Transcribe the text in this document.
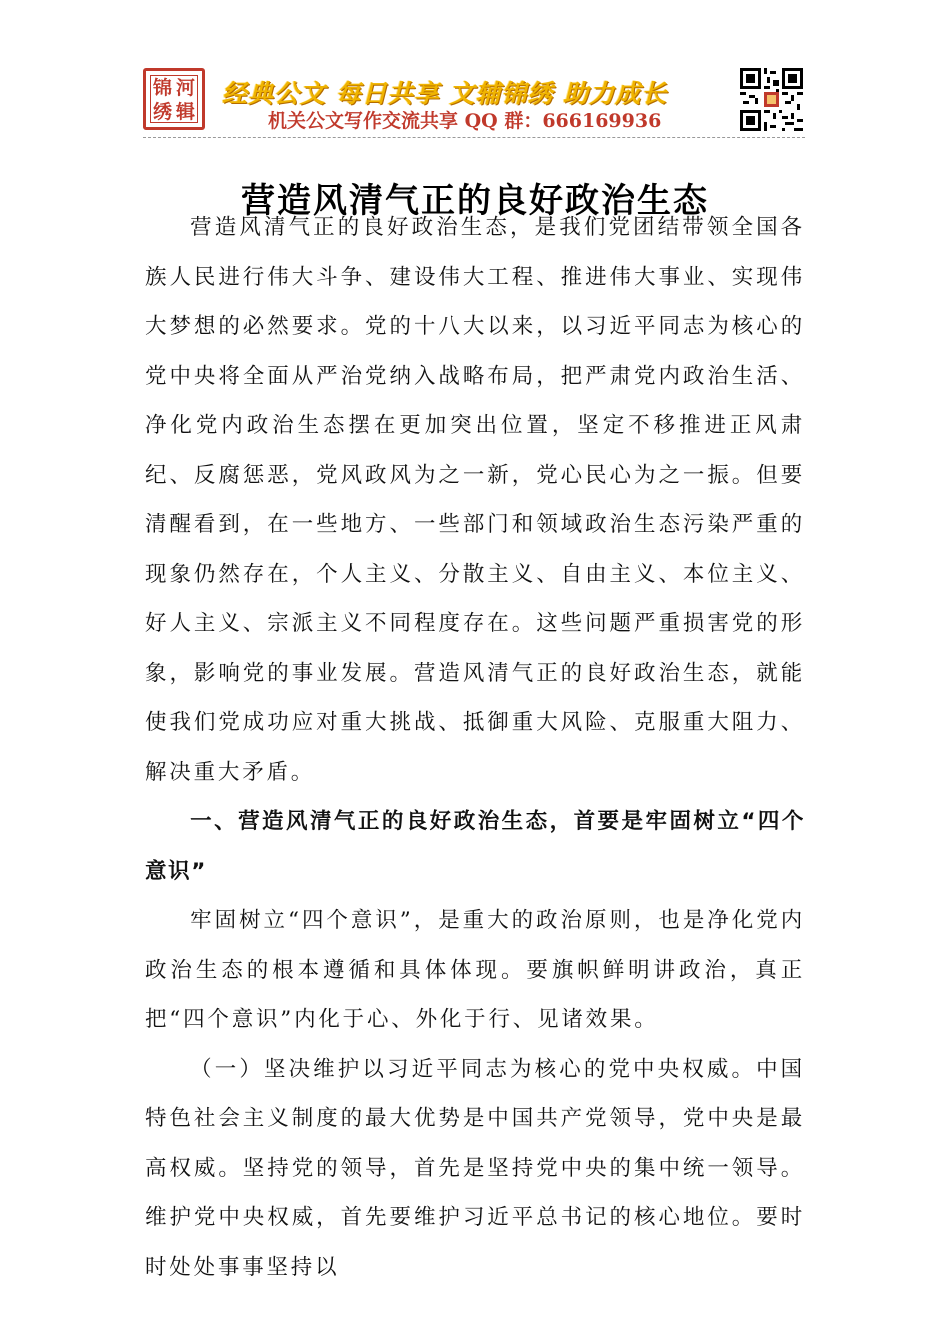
锦 河
绣 辑
经典公文 每日共享 文辅锦绣 助力成长
机关公文写作交流共享 QQ 群：666169936
营造风清气正的良好政治生态

营造风清气正的良好政治生态，是我们党团结带领全国各族人民进行伟大斗争、建设伟大工程、推进伟大事业、实现伟大梦想的必然要求。党的十八大以来，以习近平同志为核心的党中央将全面从严治党纳入战略布局，把严肃党内政治生活、净化党内政治生态摆在更加突出位置，坚定不移推进正风肃纪、反腐惩恶，党风政风为之一新，党心民心为之一振。但要清醒看到，在一些地方、一些部门和领域政治生态污染严重的现象仍然存在，个人主义、分散主义、自由主义、本位主义、好人主义、宗派主义不同程度存在。这些问题严重损害党的形象，影响党的事业发展。营造风清气正的良好政治生态，就能使我们党成功应对重大挑战、抵御重大风险、克服重大阻力、解决重大矛盾。

一、营造风清气正的良好政治生态，首要是牢固树立“四个意识”

牢固树立“四个意识”，是重大的政治原则，也是净化党内政治生态的根本遵循和具体体现。要旗帜鲜明讲政治，真正把“四个意识”内化于心、外化于行、见诸效果。

（一）坚决维护以习近平同志为核心的党中央权威。中国特色社会主义制度的最大优势是中国共产党领导，党中央是最高权威。坚持党的领导，首先是坚持党中央的集中统一领导。维护党中央权威，首先要维护习近平总书记的核心地位。要时时处处事事坚持以
